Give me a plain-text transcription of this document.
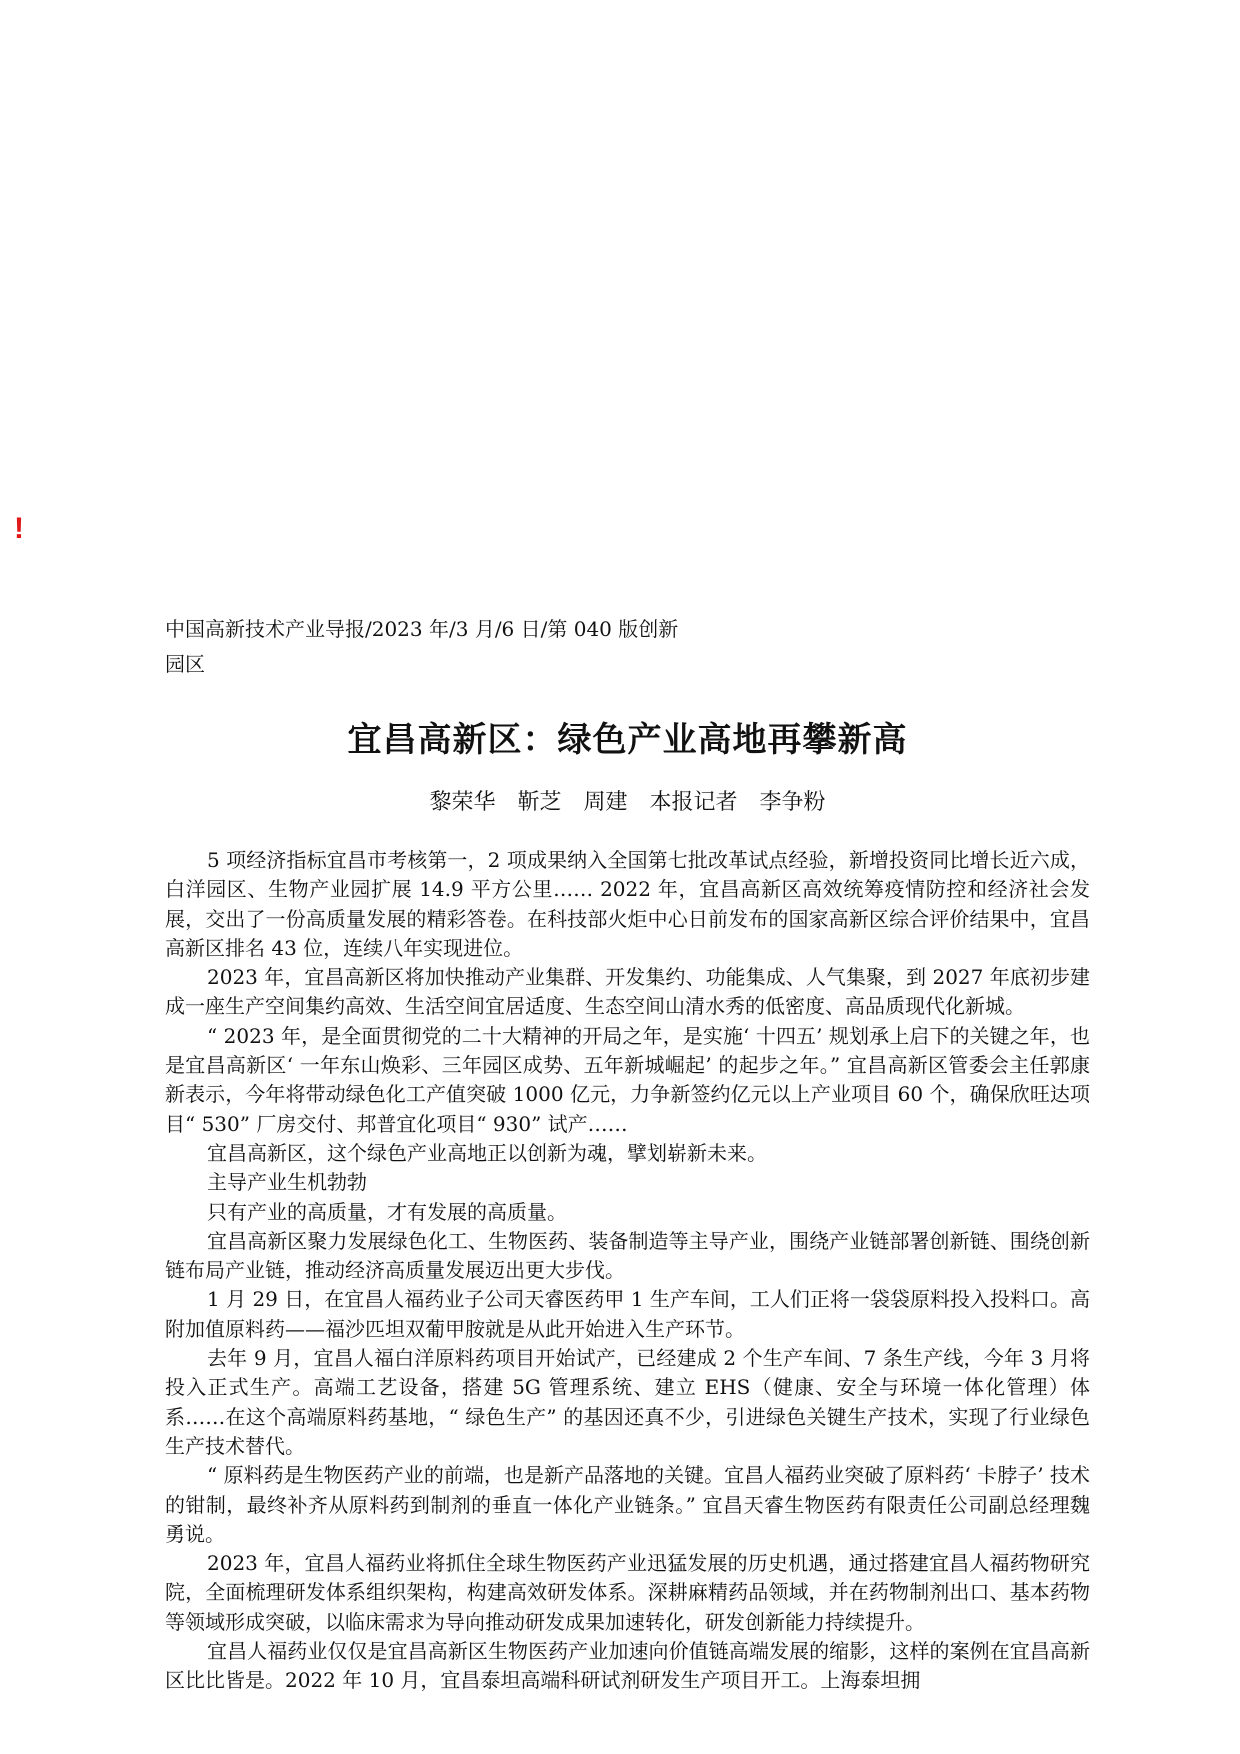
!

中国高新技术产业导报/2023 年/3 月/6 日/第 040 版创新园区

宜昌高新区：绿色产业高地再攀新高
黎荣华 靳芝 周建 本报记者 李争粉

5 项经济指标宜昌市考核第一，2 项成果纳入全国第七批改革试点经验，新增投资同比增长近六成，白洋园区、生物产业园扩展 14.9 平方公里…… 2022 年，宜昌高新区高效统筹疫情防控和经济社会发展，交出了一份高质量发展的精彩答卷。在科技部火炬中心日前发布的国家高新区综合评价结果中，宜昌高新区排名 43 位，连续八年实现进位。

2023 年，宜昌高新区将加快推动产业集群、开发集约、功能集成、人气集聚，到 2027 年底初步建成一座生产空间集约高效、生活空间宜居适度、生态空间山清水秀的低密度、高品质现代化新城。

“ 2023 年，是全面贯彻党的二十大精神的开局之年，是实施‘ 十四五’ 规划承上启下的关键之年，也是宜昌高新区‘ 一年东山焕彩、三年园区成势、五年新城崛起’ 的起步之年。” 宜昌高新区管委会主任郭康新表示，今年将带动绿色化工产值突破 1000 亿元，力争新签约亿元以上产业项目 60 个，确保欣旺达项目“ 530” 厂房交付、邦普宜化项目“ 930” 试产……

宜昌高新区，这个绿色产业高地正以创新为魂，擘划崭新未来。

主导产业生机勃勃

只有产业的高质量，才有发展的高质量。

宜昌高新区聚力发展绿色化工、生物医药、装备制造等主导产业，围绕产业链部署创新链、围绕创新链布局产业链，推动经济高质量发展迈出更大步伐。

1 月 29 日，在宜昌人福药业子公司天睿医药甲 1 生产车间，工人们正将一袋袋原料投入投料口。高附加值原料药——福沙匹坦双葡甲胺就是从此开始进入生产环节。

去年 9 月，宜昌人福白洋原料药项目开始试产，已经建成 2 个生产车间、7 条生产线，今年 3 月将投入正式生产。高端工艺设备，搭建 5G 管理系统、建立 EHS（健康、安全与环境一体化管理）体系……在这个高端原料药基地，“ 绿色生产” 的基因还真不少，引进绿色关键生产技术，实现了行业绿色生产技术替代。

“ 原料药是生物医药产业的前端，也是新产品落地的关键。宜昌人福药业突破了原料药‘ 卡脖子’ 技术的钳制，最终补齐从原料药到制剂的垂直一体化产业链条。” 宜昌天睿生物医药有限责任公司副总经理魏勇说。

2023 年，宜昌人福药业将抓住全球生物医药产业迅猛发展的历史机遇，通过搭建宜昌人福药物研究院，全面梳理研发体系组织架构，构建高效研发体系。深耕麻精药品领域，并在药物制剂出口、基本药物等领域形成突破，以临床需求为导向推动研发成果加速转化，研发创新能力持续提升。

宜昌人福药业仅仅是宜昌高新区生物医药产业加速向价值链高端发展的缩影，这样的案例在宜昌高新区比比皆是。2022 年 10 月，宜昌泰坦高端科研试剂研发生产项目开工。上海泰坦拥
